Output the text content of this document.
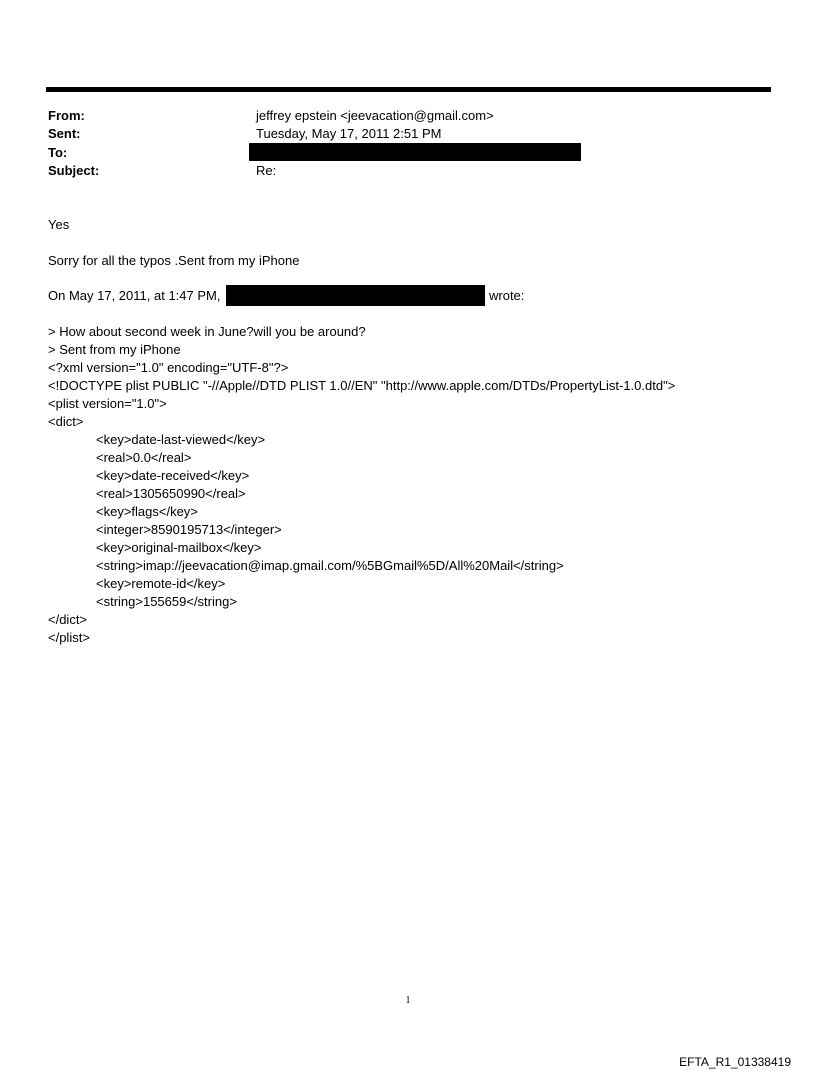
From:	jeffrey epstein <jeevacation@gmail.com>
Sent:	Tuesday, May 17, 2011 2:51 PM
To:
Subject:	Re:
Yes
Sorry for all the typos .Sent from my iPhone
On May 17, 2011, at 1:47 PM,	wrote:
> How about second week in June?will you be around?
> Sent from my iPhone
<?xml version="1.0" encoding="UTF-8"?>
<!DOCTYPE plist PUBLIC "-//Apple//DTD PLIST 1.0//EN" "http://www.apple.com/DTDs/PropertyList-1.0.dtd">
<plist version="1.0">
<dict>
<key>date-last-viewed</key>
<real>0.0</real>
<key>date-received</key>
<real>1305650990</real>
<key>flags</key>
<integer>8590195713</integer>
<key>original-mailbox</key>
<string>imap://jeevacation@imap.gmail.com/%5BGmail%5D/All%20Mail</string>
<key>remote-id</key>
<string>155659</string>
</dict>
</plist>
1
EFTA_R1_01338419
